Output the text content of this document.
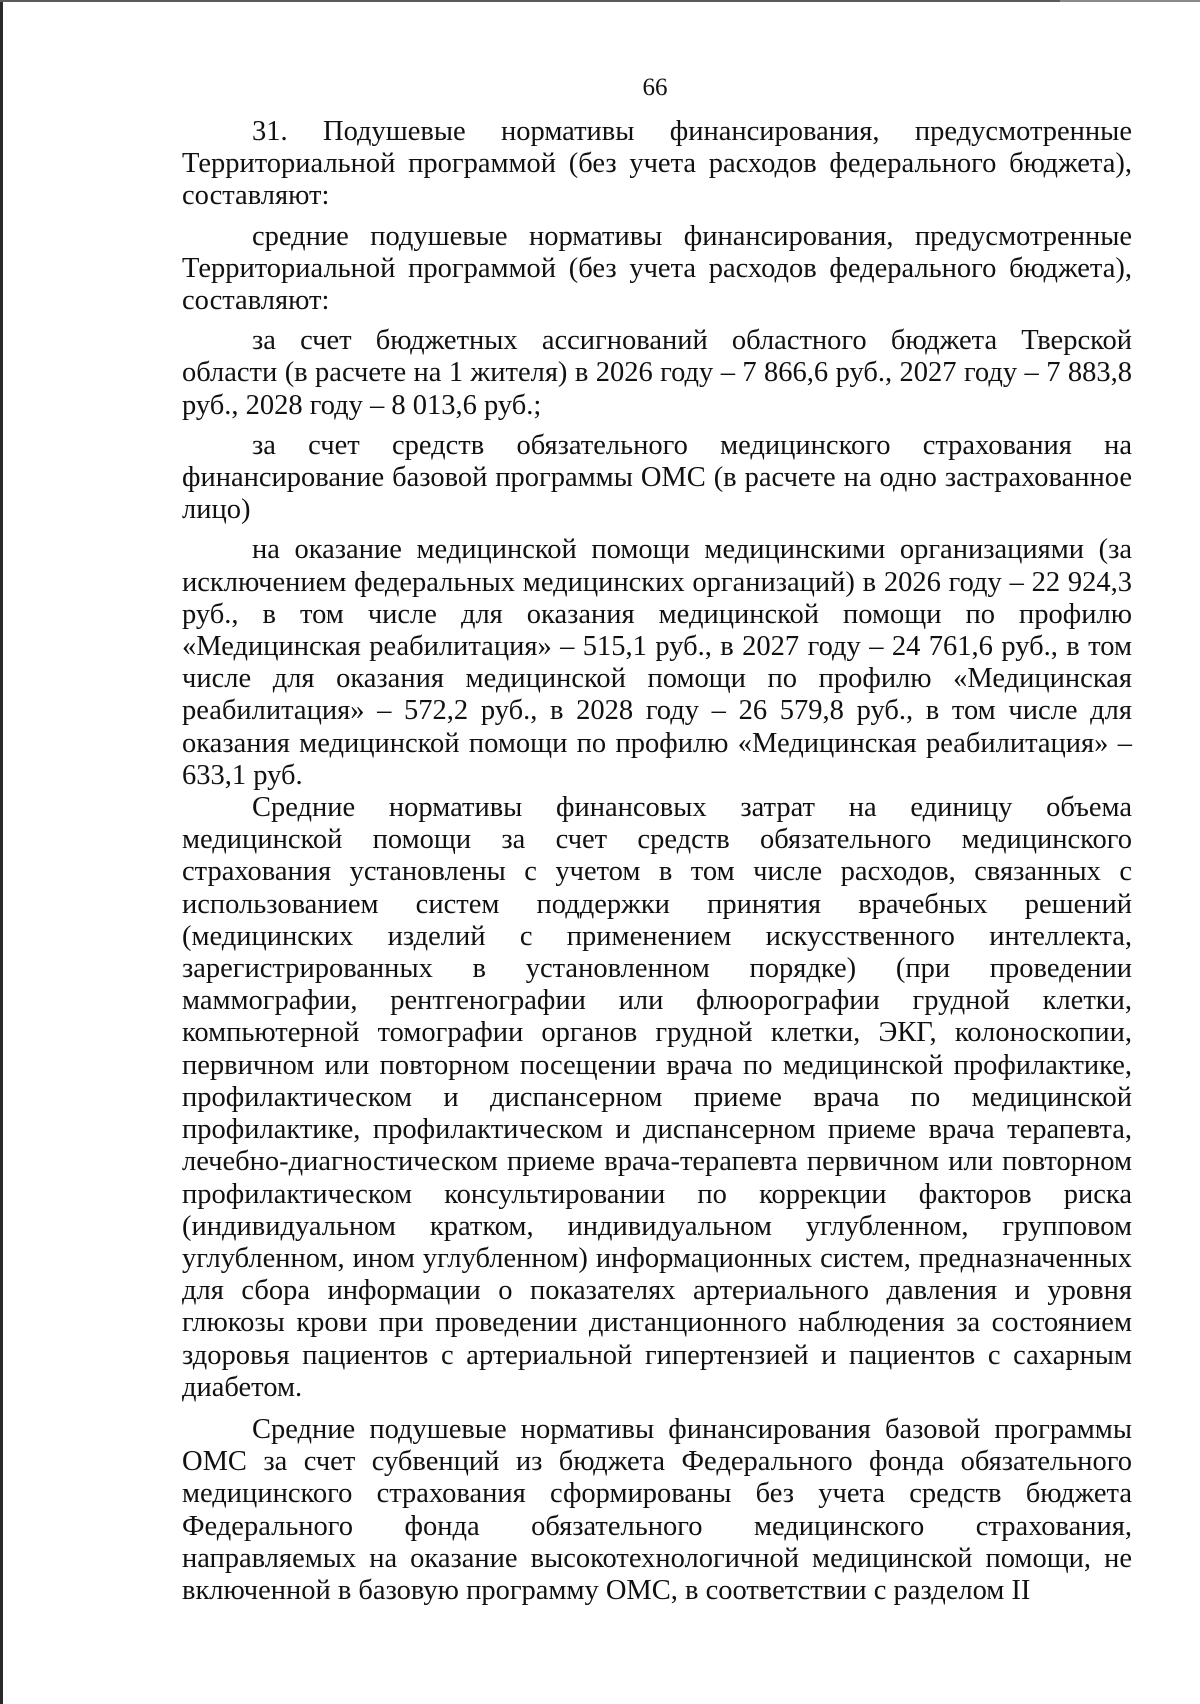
66

31. Подушевые нормативы финансирования, предусмотренные Территориальной программой (без учета расходов федерального бюджета), составляют:

средние подушевые нормативы финансирования, предусмотренные Территориальной программой (без учета расходов федерального бюджета), составляют:

за счет бюджетных ассигнований областного бюджета Тверской области (в расчете на 1 жителя) в 2026 году – 7 866,6 руб., 2027 году – 7 883,8 руб., 2028 году – 8 013,6 руб.;

за счет средств обязательного медицинского страхования на финансирование базовой программы ОМС (в расчете на одно застрахованное лицо)

на оказание медицинской помощи медицинскими организациями (за исключением федеральных медицинских организаций) в 2026 году – 22 924,3 руб., в том числе для оказания медицинской помощи по профилю «Медицинская реабилитация» – 515,1 руб., в 2027 году – 24 761,6 руб., в том числе для оказания медицинской помощи по профилю «Медицинская реабилитация» – 572,2 руб., в 2028 году – 26 579,8 руб., в том числе для оказания медицинской помощи по профилю «Медицинская реабилитация» – 633,1 руб.

Средние нормативы финансовых затрат на единицу объема медицинской помощи за счет средств обязательного медицинского страхования установлены с учетом в том числе расходов, связанных с использованием систем поддержки принятия врачебных решений (медицинских изделий с применением искусственного интеллекта, зарегистрированных в установленном порядке) (при проведении маммографии, рентгенографии или флюорографии грудной клетки, компьютерной томографии органов грудной клетки, ЭКГ, колоноскопии, первичном или повторном посещении врача по медицинской профилактике, профилактическом и диспансерном приеме врача по медицинской профилактике, профилактическом и диспансерном приеме врача терапевта, лечебно-диагностическом приеме врача-терапевта первичном или повторном профилактическом консультировании по коррекции факторов риска (индивидуальном кратком, индивидуальном углубленном, групповом углубленном, ином углубленном) информационных систем, предназначенных для сбора информации о показателях артериального давления и уровня глюкозы крови при проведении дистанционного наблюдения за состоянием здоровья пациентов с артериальной гипертензией и пациентов с сахарным диабетом.

Средние подушевые нормативы финансирования базовой программы ОМС за счет субвенций из бюджета Федерального фонда обязательного медицинского страхования сформированы без учета средств бюджета Федерального фонда обязательного медицинского страхования, направляемых на оказание высокотехнологичной медицинской помощи, не включенной в базовую программу ОМС, в соответствии с разделом II
